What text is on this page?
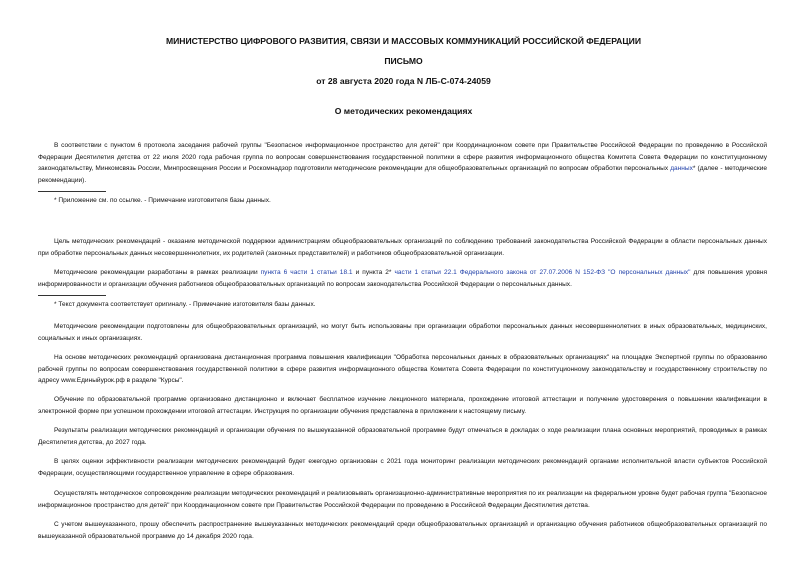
МИНИСТЕРСТВО ЦИФРОВОГО РАЗВИТИЯ, СВЯЗИ И МАССОВЫХ КОММУНИКАЦИЙ РОССИЙСКОЙ ФЕДЕРАЦИИ

ПИСЬМО

от 28 августа 2020 года N ЛБ-С-074-24059

О методических рекомендациях

В соответствии с пунктом 6 протокола заседания рабочей группы "Безопасное информационное пространство для детей" при Координационном совете при Правительстве Российской Федерации по проведению в Российской Федерации Десятилетия детства от 22 июля 2020 года рабочая группа по вопросам совершенствования государственной политики в сфере развития информационного общества Комитета Совета Федерации по конституционному законодательству, Минкомсвязь России, Минпросвещения России и Роскомнадзор подготовили методические рекомендации для общеобразовательных организаций по вопросам обработки персональных данных* (далее - методические рекомендации).

* Приложение см. по ссылке. - Примечание изготовителя базы данных.

Цель методических рекомендаций - оказание методической поддержки администрациям общеобразовательных организаций по соблюдению требований законодательства Российской Федерации в области персональных данных при обработке персональных данных несовершеннолетних, их родителей (законных представителей) и работников общеобразовательной организации.

Методические рекомендации разработаны в рамках реализации пункта 6 части 1 статьи 18.1 и пункта 2* части 1 статьи 22.1 Федерального закона от 27.07.2006 N 152-ФЗ "О персональных данных" для повышения уровня информированности и организации обучения работников общеобразовательных организаций по вопросам законодательства Российской Федерации о персональных данных.

* Текст документа соответствует оригиналу. - Примечание изготовителя базы данных.

Методические рекомендации подготовлены для общеобразовательных организаций, но могут быть использованы при организации обработки персональных данных несовершеннолетних в иных образовательных, медицинских, социальных и иных организациях.

На основе методических рекомендаций организована дистанционная программа повышения квалификации "Обработка персональных данных в образовательных организациях" на площадке Экспертной группы по образованию рабочей группы по вопросам совершенствования государственной политики в сфере развития информационного общества Комитета Совета Федерации по конституционному законодательству и государственному строительству по адресу www.Единыйурок.рф в разделе "Курсы".

Обучение по образовательной программе организовано дистанционно и включает бесплатное изучение лекционного материала, прохождение итоговой аттестации и получение удостоверения о повышении квалификации в электронной форме при успешном прохождении итоговой аттестации. Инструкция по организации обучения представлена в приложении к настоящему письму.

Результаты реализации методических рекомендаций и организации обучения по вышеуказанной образовательной программе будут отмечаться в докладах о ходе реализации плана основных мероприятий, проводимых в рамках Десятилетия детства, до 2027 года.

В целях оценки эффективности реализации методических рекомендаций будет ежегодно организован с 2021 года мониторинг реализации методических рекомендаций органами исполнительной власти субъектов Российской Федерации, осуществляющими государственное управление в сфере образования.

Осуществлять методическое сопровождение реализации методических рекомендаций и реализовывать организационно-административные мероприятия по их реализации на федеральном уровне будет рабочая группа "Безопасное информационное пространство для детей" при Координационном совете при Правительстве Российской Федерации по проведению в Российской Федерации Десятилетия детства.

С учетом вышеуказанного, прошу обеспечить распространение вышеуказанных методических рекомендаций среди общеобразовательных организаций и организацию обучения работников общеобразовательных организаций по вышеуказанной образовательной программе до 14 декабря 2020 года.
